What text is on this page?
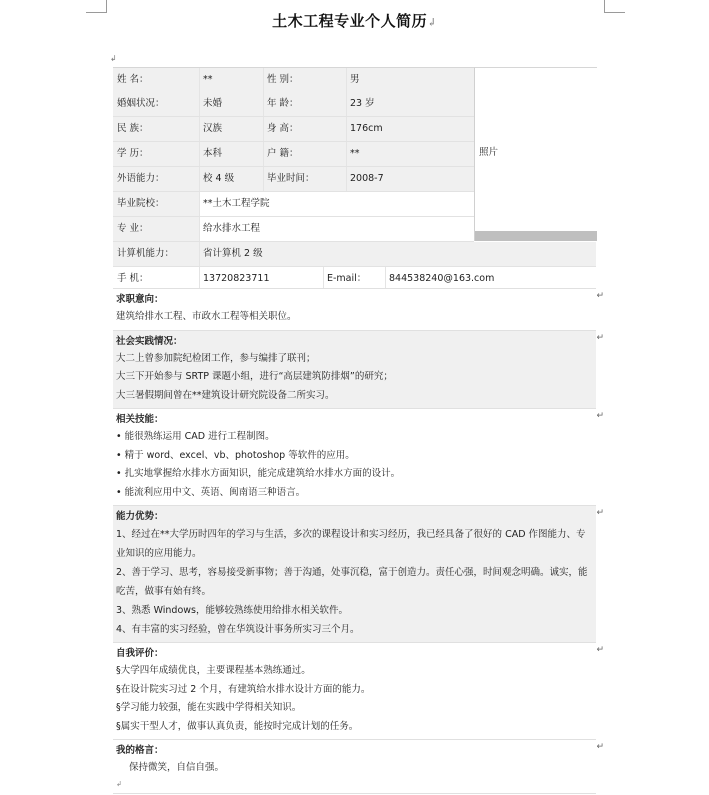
土木工程专业个人简历↲
↲
姓 名：	**	性 别：	男
婚姻状况：	未婚	年 龄：	23 岁
民 族：	汉族	身 高：	176cm
学 历：	本科	户 籍：	**
外语能力：	校 4 级	毕业时间：	2008-7
毕业院校：	**土木工程学院
专 业：	给水排水工程
计算机能力：	省计算机 2 级
手 机：	13720823711	E-mail：	844538240@163.com
照片
求职意向：
建筑给排水工程、市政水工程等相关职位。
↵
社会实践情况：
大二上曾参加院纪检团工作，参与编排了联刊；
大三下开始参与 SRTP 课题小组，进行“高层建筑防排烟”的研究；
大三暑假期间曾在**建筑设计研究院设备二所实习。
↵
相关技能：
• 能很熟练运用 CAD 进行工程制图。
• 精于 word、excel、vb、photoshop 等软件的应用。
• 扎实地掌握给水排水方面知识，能完成建筑给水排水方面的设计。
• 能流利应用中文、英语、闽南语三种语言。
↵
能力优势：
1、经过在**大学历时四年的学习与生活，多次的课程设计和实习经历，我已经具备了很好的 CAD 作图能力、专业知识的应用能力。
2、善于学习、思考，容易接受新事物；善于沟通，处事沉稳，富于创造力。责任心强，时间观念明确。诚实，能吃苦，做事有始有终。
3、熟悉 Windows，能够较熟练使用给排水相关软件。
4、有丰富的实习经验，曾在华筑设计事务所实习三个月。
↵
自我评价：
§大学四年成绩优良，主要课程基本熟练通过。
§在设计院实习过 2 个月，有建筑给水排水设计方面的能力。
§学习能力较强，能在实践中学得相关知识。
§属实干型人才，做事认真负责，能按时完成计划的任务。
↵
我的格言：
保持微笑，自信自强。
↲
↵
